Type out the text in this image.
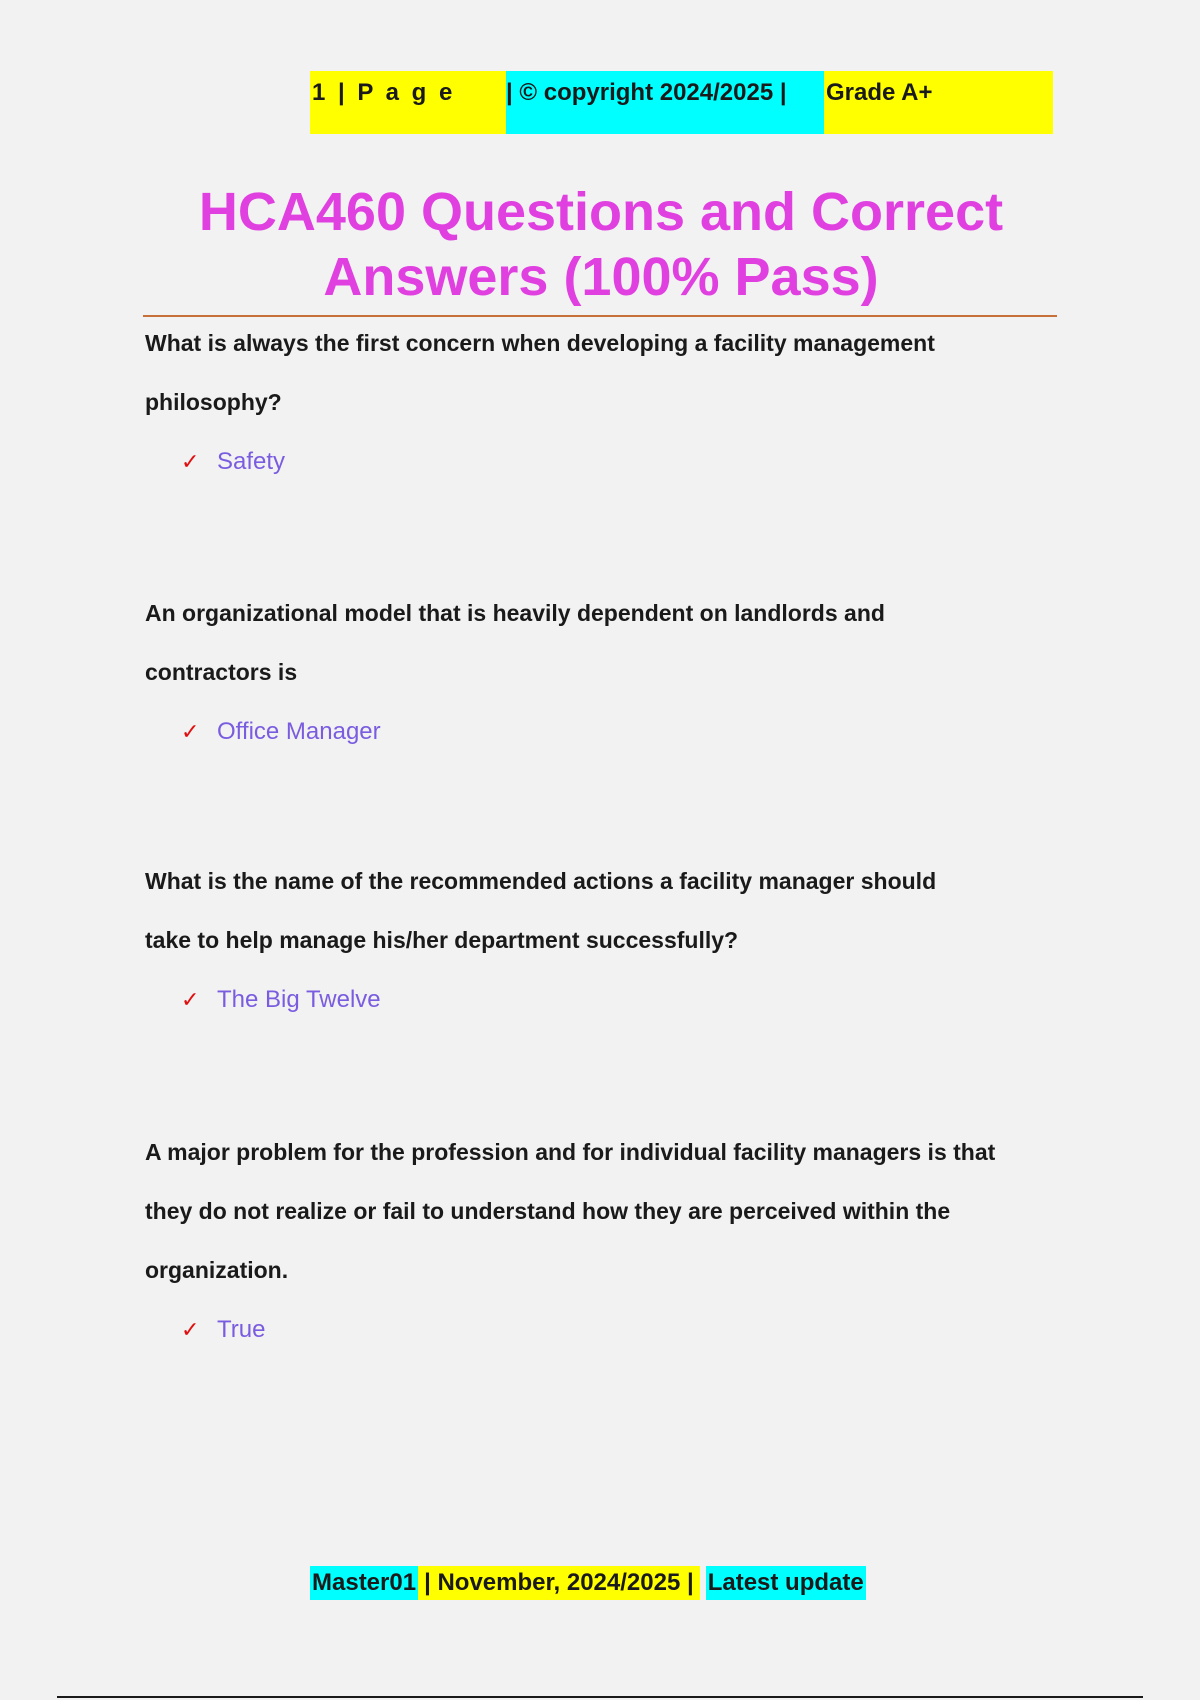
1 | P a g e	| © copyright 2024/2025 |	Grade A+
HCA460 Questions and Correct
Answers (100% Pass)

What is always the first concern when developing a facility management
philosophy?

✓ Safety

An organizational model that is heavily dependent on landlords and
contractors is

✓ Office Manager

What is the name of the recommended actions a facility manager should
take to help manage his/her department successfully?

✓ The Big Twelve

A major problem for the profession and for individual facility managers is that
they do not realize or fail to understand how they are perceived within the
organization.

✓ True
Master01 | November, 2024/2025 | Latest update
